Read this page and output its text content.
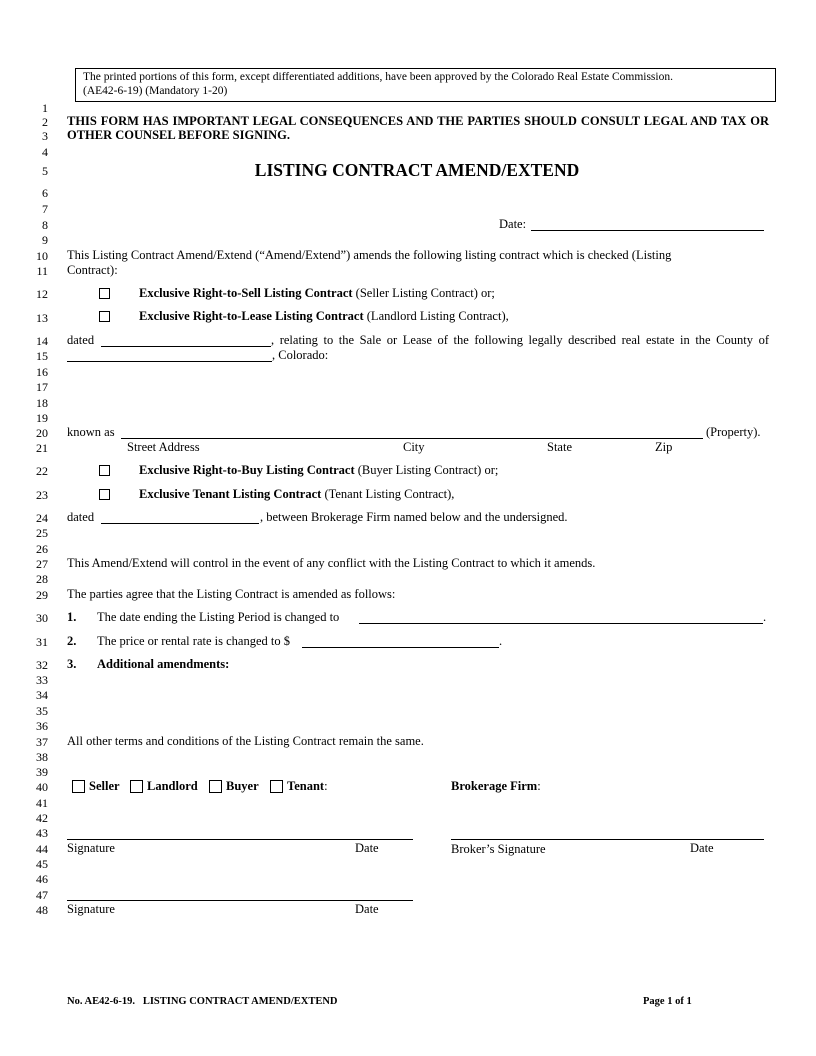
The printed portions of this form, except differentiated additions, have been approved by the Colorado Real Estate Commission.
(AE42-6-19) (Mandatory 1-20)
1
2
3
4
5
6
7
8
9
10
11
12
13
14
15
16
17
18
19
20
21
22
23
24
25
26
27
28
29
30
31
32
33
34
35
36
37
38
39
40
41
42
43
44
45
46
47
48
THIS FORM HAS IMPORTANT LEGAL CONSEQUENCES AND THE PARTIES SHOULD CONSULT LEGAL AND TAX OR
OTHER COUNSEL BEFORE SIGNING.
LISTING CONTRACT AMEND/EXTEND
Date:
This Listing Contract Amend/Extend (“Amend/Extend”) amends the following listing contract which is checked (Listing
Contract):
Exclusive Right-to-Sell Listing Contract (Seller Listing Contract) or;
Exclusive Right-to-Lease Listing Contract (Landlord Listing Contract),
dated	, relating to the Sale or Lease of the following legally described real estate in the County of
, Colorado:
known as	(Property).
Street Address	City	State	Zip
Exclusive Right-to-Buy Listing Contract (Buyer Listing Contract) or;
Exclusive Tenant Listing Contract (Tenant Listing Contract),
dated	, between Brokerage Firm named below and the undersigned.
This Amend/Extend will control in the event of any conflict with the Listing Contract to which it amends.
The parties agree that the Listing Contract is amended as follows:
1. The date ending the Listing Period is changed to	.
2. The price or rental rate is changed to $	.
3. Additional amendments:
All other terms and conditions of the Listing Contract remain the same.
Seller Landlord Buyer Tenant:	Brokerage Firm:
Signature	Date	Broker’s Signature	Date
Signature	Date
No. AE42-6-19.   LISTING CONTRACT AMEND/EXTEND	Page 1 of 1
